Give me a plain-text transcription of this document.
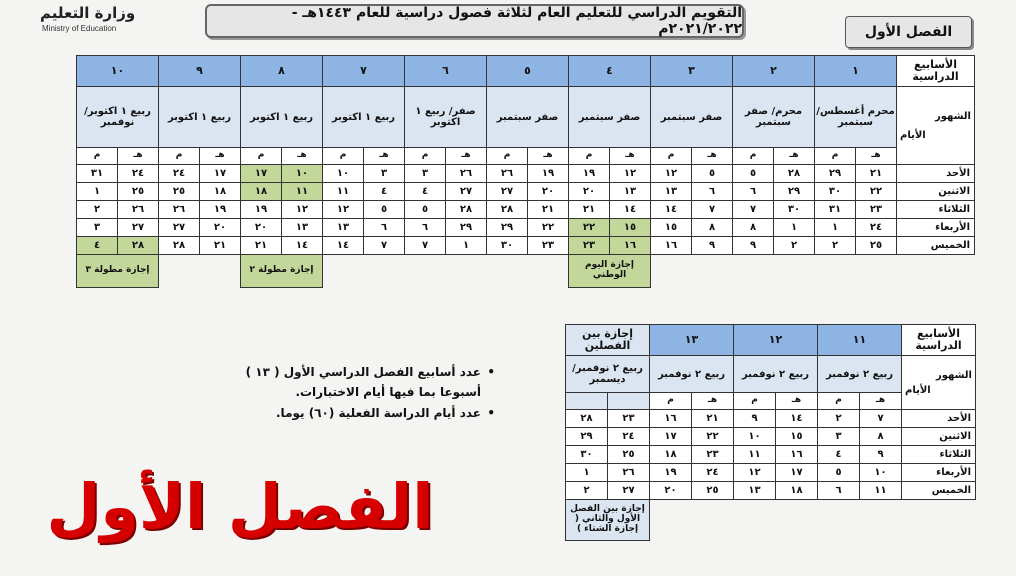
وزارة التعليم
Ministry of Education
التقويم الدراسي للتعليم العام لثلاثة فصول دراسية للعام ١٤٤٣هـ - ٢٠٢١/٢٠٢٢م	الفصل الأول
الأسابيع الدراسية	١		٢		٣		٤		٥		٦		٧		٨		٩		١٠	

الشهور
الأيام	محرم أغسطس/ سبتمبر		محرم/ صفر سبتمبر		صفر سبتمبر		صفر سبتمبر		صفر سبتمبر		صفر/ ربيع ١ اكتوبر		ربيع ١ اكتوبر		ربيع ١ اكتوبر		ربيع ١ اكتوبر		ربيع ١ اكتوبر/ نوفمبر	
	هـ	م	هـ	م	هـ	م	هـ	م	هـ	م	هـ	م	هـ	م	هـ	م	هـ	م	هـ	م
الأحد	٢١	٢٩	٢٨	٥	٥	١٢	١٢	١٩	١٩	٢٦	٢٦	٣	٣	١٠	١٠	١٧	١٧	٢٤	٢٤	٣١
الاثنين	٢٢	٣٠	٢٩	٦	٦	١٣	١٣	٢٠	٢٠	٢٧	٢٧	٤	٤	١١	١١	١٨	١٨	٢٥	٢٥	١
الثلاثاء	٢٣	٣١	٣٠	٧	٧	١٤	١٤	٢١	٢١	٢٨	٢٨	٥	٥	١٢	١٢	١٩	١٩	٢٦	٢٦	٢
الأربعاء	٢٤	١	١	٨	٨	١٥	١٥	٢٢	٢٢	٢٩	٢٩	٦	٦	١٣	١٣	٢٠	٢٠	٢٧	٢٧	٣
الخميس	٢٥	٢	٢	٩	٩	١٦	١٦	٢٣	٢٣	٣٠	١	٧	٧	١٤	١٤	٢١	٢١	٢٨	٢٨	٤
							إجازة اليوم الوطني								إجازة مطولة ٢				إجازة مطولة ٣	
الأسابيع الدراسية	١١		١٢		١٣		إجازة بين الفصلين	

الشهور
الأيام	ربيع ٢ نوفمبر		ربيع ٢ نوفمبر		ربيع ٢ نوفمبر		ربيع ٢ نوفمبر/ ديسمبر	
	هـ	م	هـ	م	هـ	م		
الأحد	٧	٢	١٤	٩	٢١	١٦	٢٣	٢٨
الاثنين	٨	٣	١٥	١٠	٢٢	١٧	٢٤	٢٩
الثلاثاء	٩	٤	١٦	١١	٢٣	١٨	٢٥	٣٠
الأربعاء	١٠	٥	١٧	١٢	٢٤	١٩	٢٦	١
الخميس	١١	٦	١٨	١٣	٢٥	٢٠	٢٧	٢
							إجازة بين الفصل الأول والثاني ( إجازة الشتاء )	
• عدد أسابيع الفصل الدراسي الأول ( ١٣ ) أسبوعا بما فيها أيام الاختبارات.
• عدد أيام الدراسة الفعلية (٦٠) يوما.
الفصل الأول
